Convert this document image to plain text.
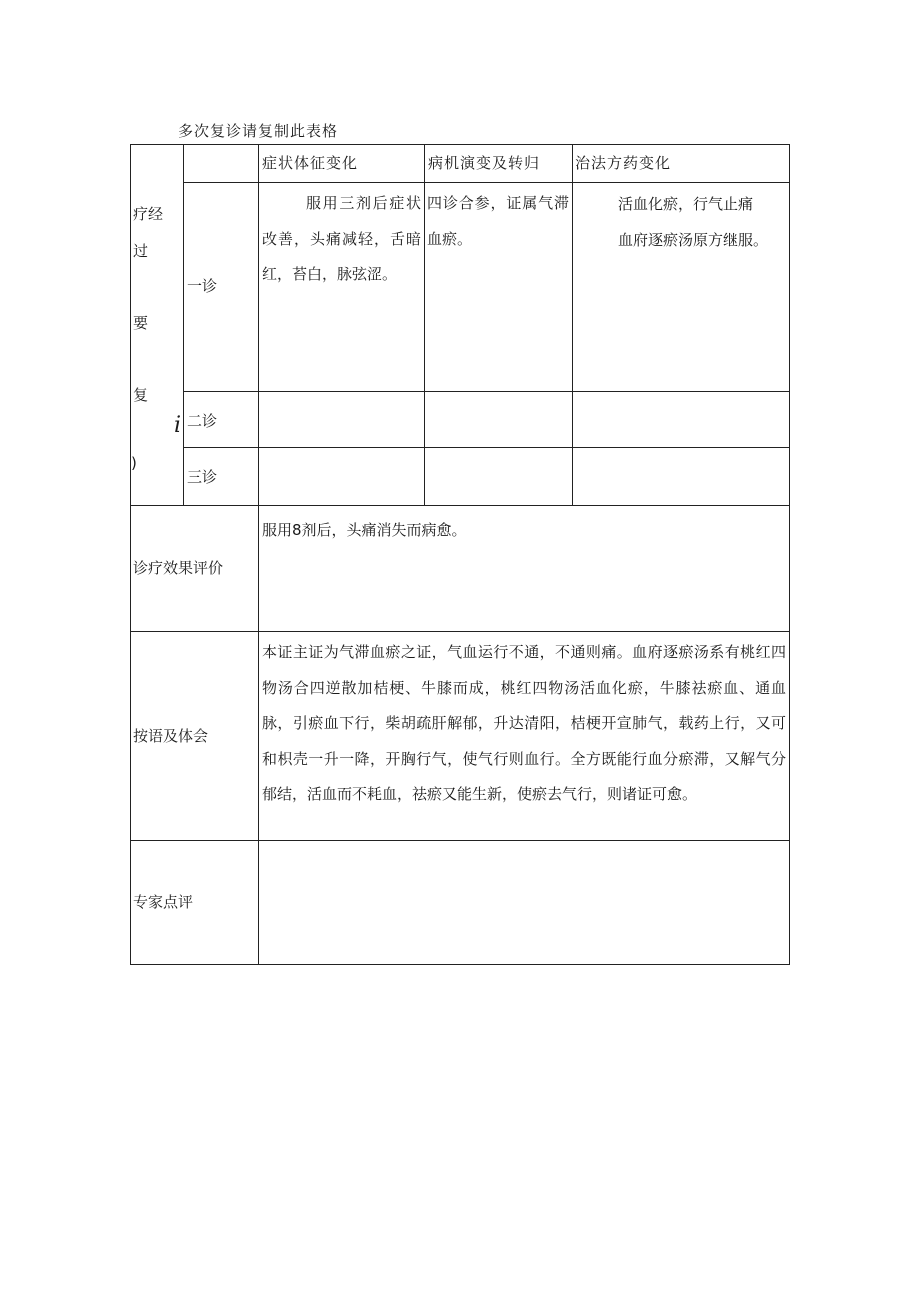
多次复诊请复制此表格
疗经
过
要
复
)
i
症状体征变化	病机演变及转归 治法方药变化
一诊
服用三剂后症状改善，头痛减轻，舌暗红，苔白，脉弦涩。
四诊合参，证属气滞血瘀。
活血化瘀，行气止痛
血府逐瘀汤原方继服。
二诊
三诊
诊疗效果评价
服用8剂后，头痛消失而病愈。
按语及体会
本证主证为气滞血瘀之证，气血运行不通，不通则痛。血府逐瘀汤系有桃红四物汤合四逆散加桔梗、牛膝而成，桃红四物汤活血化瘀，牛膝祛瘀血、通血脉，引瘀血下行，柴胡疏肝解郁，升达清阳，桔梗开宣肺气，载药上行，又可和枳壳一升一降，开胸行气，使气行则血行。全方既能行血分瘀滞，又解气分郁结，活血而不耗血，祛瘀又能生新，使瘀去气行，则诸证可愈。
专家点评
